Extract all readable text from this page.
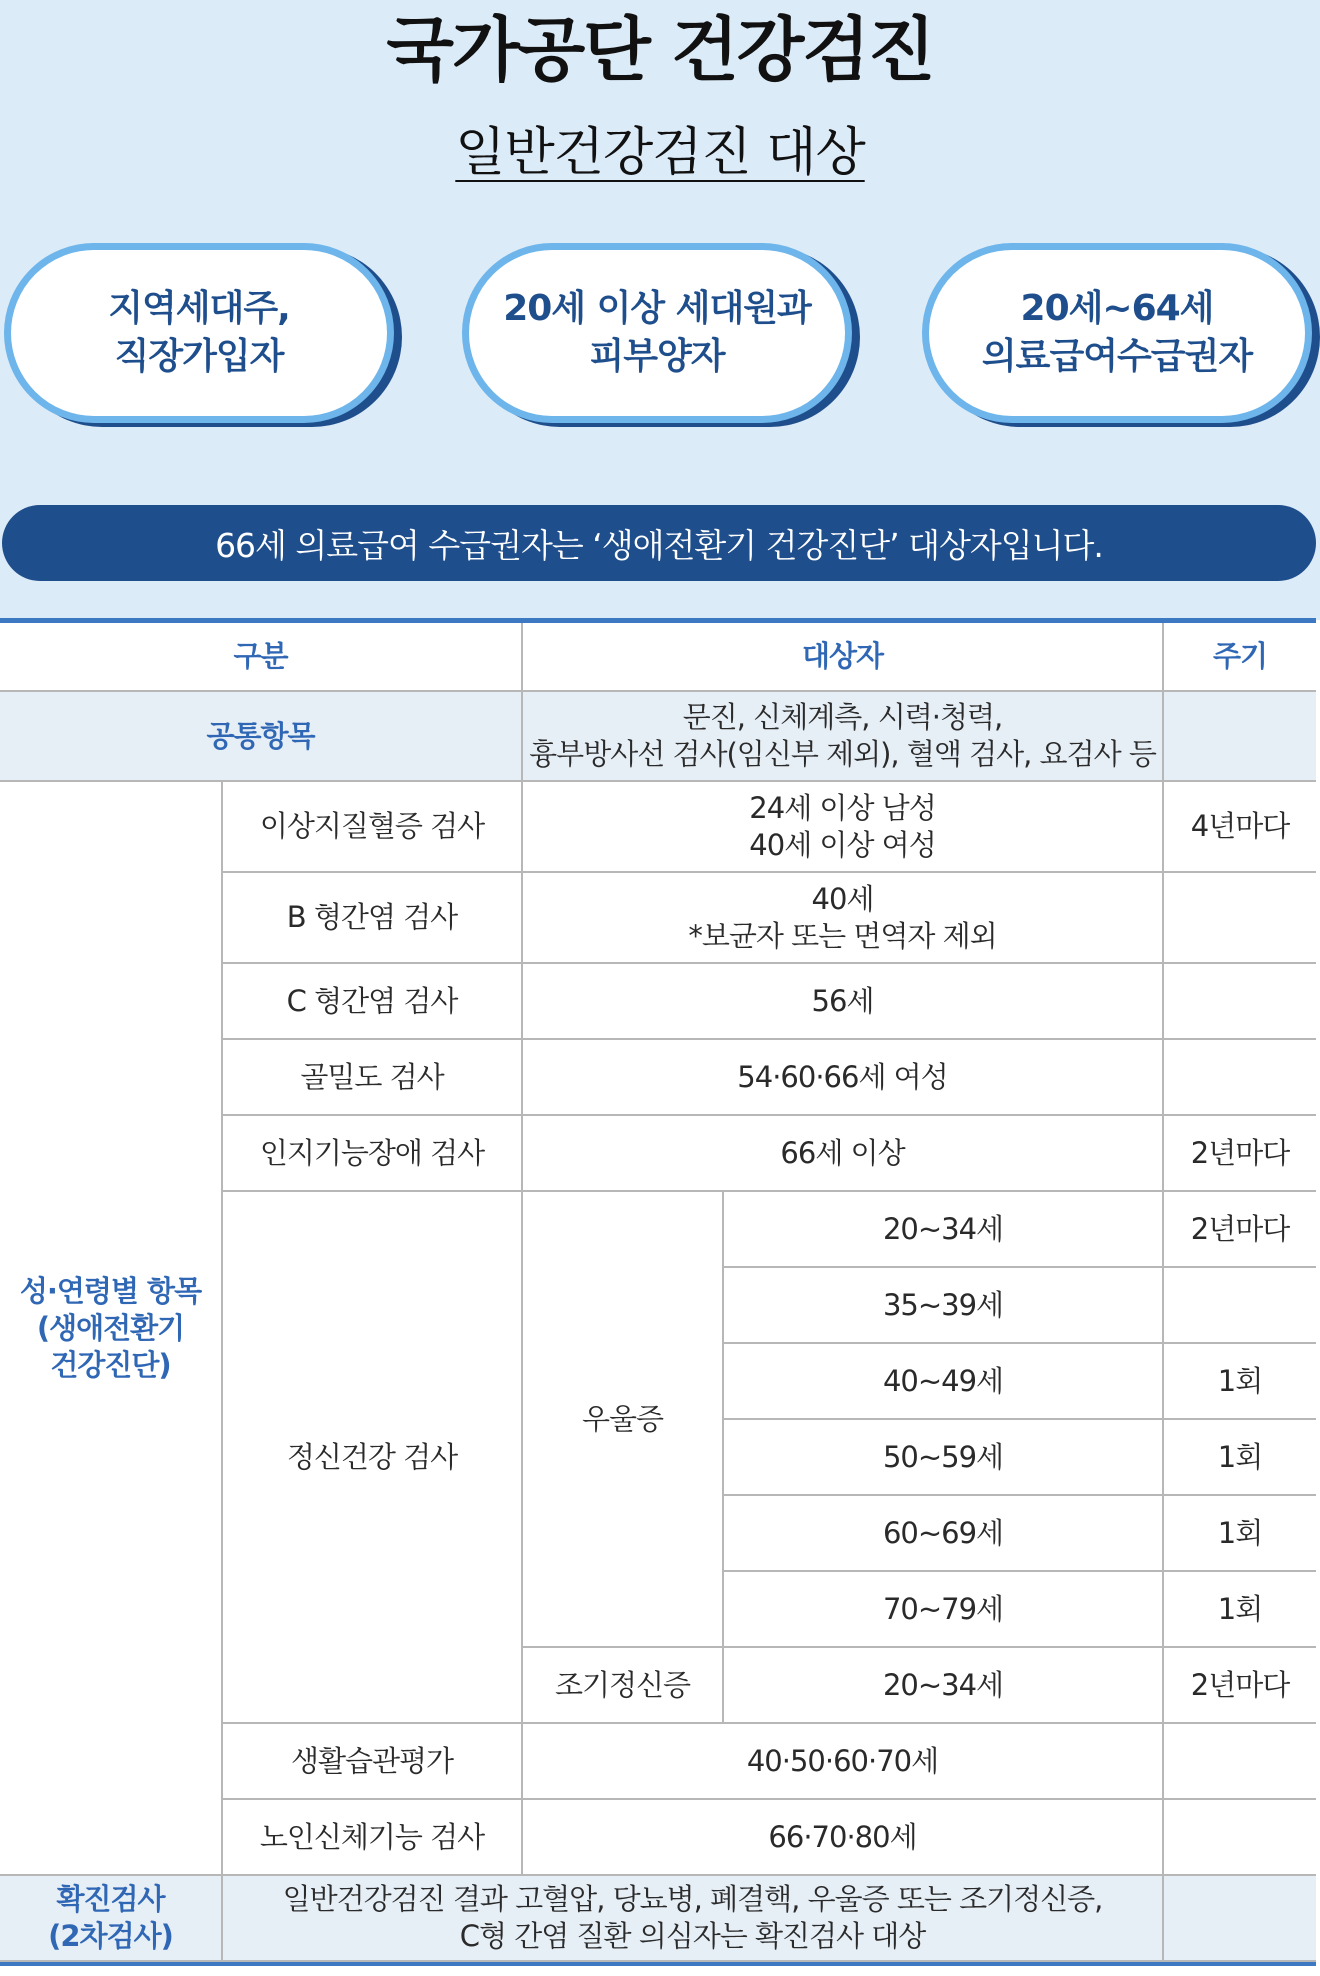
국가공단 건강검진
일반건강검진 대상
지역세대주,
직장가입자
20세 이상 세대원과
피부양자
20세~64세
의료급여수급권자
66세 의료급여 수급권자는 ‘생애전환기 건강진단’ 대상자입니다.
구분		대상자		주기
공통항목		문진, 신체계측, 시력·청력,
흉부방사선 검사(임신부 제외), 혈액 검사, 요검사 등		
성·연령별 항목
(생애전환기
건강진단)	이상지질혈증 검사	24세 이상 남성
40세 이상 여성		4년마다
	B 형간염 검사	40세
*보균자 또는 면역자 제외		
	C 형간염 검사	56세		
	골밀도 검사	54·60·66세 여성		
	인지기능장애 검사	66세 이상		2년마다
	정신건강 검사	우울증	20~34세	2년마다
			35~39세	
			40~49세	1회
			50~59세	1회
			60~69세	1회
			70~79세	1회
		조기정신증	20~34세	2년마다
	생활습관평가	40·50·60·70세		
	노인신체기능 검사	66·70·80세		
확진검사
(2차검사)	일반건강검진 결과 고혈압, 당뇨병, 폐결핵, 우울증 또는 조기정신증,
C형 간염 질환 의심자는 확진검사 대상			
